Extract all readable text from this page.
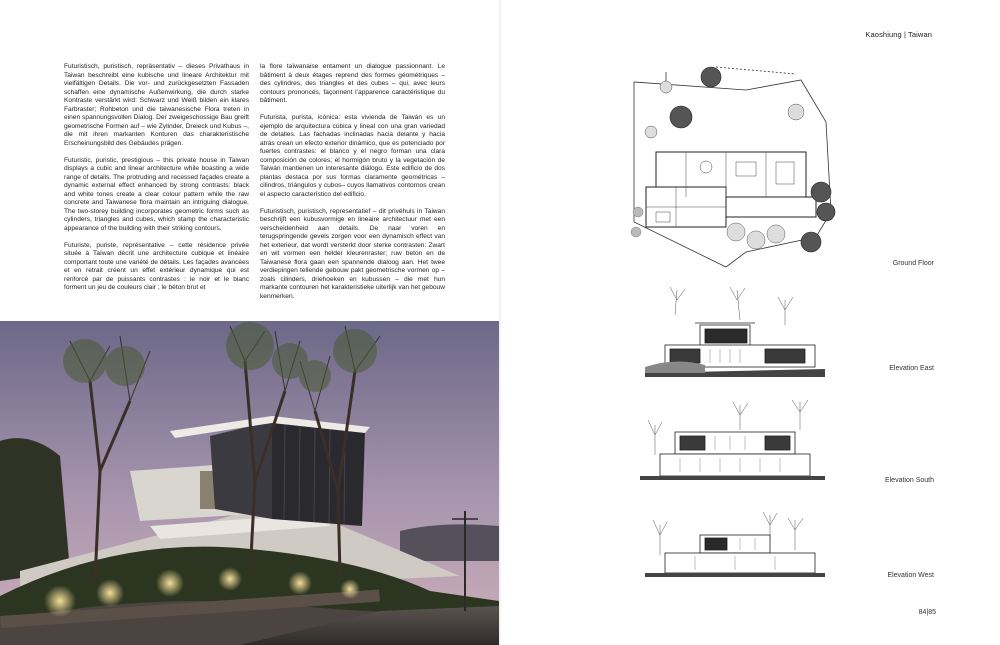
Futuristisch, puristisch, repräsentativ – dieses Privathaus in Taiwan beschreibt eine kubische und lineare Architektur mit vielfältigen Details. Die vor- und zurückgesetzten Fassaden schaffen eine dynamische Außenwirkung, die durch starke Kontraste verstärkt wird: Schwarz und Weiß bilden ein klares Farbraster; Rohbeton und die taiwanesische Flora treten in einen spannungsvollen Dialog. Der zweigeschossige Bau greift geometrische Formen auf – wie Zylinder, Dreieck und Kubus –, die mit ihren markanten Konturen das charakteristische Erscheinungsbild des Gebäudes prägen.

Futuristic, puristic, prestigious – this private house in Taiwan displays a cubic and linear architecture while boasting a wide range of details. The protruding and recessed façades create a dynamic external effect enhanced by strong contrasts: black and white tones create a clear colour pattern while the raw concrete and Taiwanese flora maintain an intriguing dialogue. The two-storey building incorporates geometric forms such as cylinders, triangles and cubes, which stamp the characteristic appearance of the building with their striking contours.

Futuriste, puriste, représentative – cette résidence privée située à Taïwan décrit une architecture cubique et linéaire comportant toute une variété de détails. Les façades avancées et en retrait créent un effet extérieur dynamique qui est renforcé par de puissants contrastes : le noir et le blanc forment un jeu de couleurs clair ; le béton brut et

la flore taïwanaise entament un dialogue passionnant. Le bâtiment à deux étages reprend des formes géométriques – des cylindres, des triangles et des cubes – qui, avec leurs contours prononcés, façonnent l’apparence caractéristique du bâtiment.

Futurista, purista, icónica: esta vivienda de Taiwán es un ejemplo de arquitectura cúbica y lineal con una gran variedad de detalles. Las fachadas inclinadas hacia delante y hacia atrás crean un efecto exterior dinámico, que es potenciado por fuertes contrastes: el blanco y el negro forman una clara composición de colores; el hormigón bruto y la vegetación de Taiwán mantienen un interesante diálogo. Este edificio de dos plantas destaca por sus formas claramente geométricas –cilindros, triángulos y cubos– cuyos llamativos contornos crean el aspecto característico del edificio.

Futuristisch, puristisch, representatief – dit privéhuis in Taiwan beschrijft een kubusvormige en lineaire architectuur met een verscheidenheid aan details. De naar voren en terugspringende gevels zorgen voor een dynamisch effect van het exterieur, dat wordt versterkt door sterke contrasten: Zwart en wit vormen een helder kleurenraster; ruw beton en de Taiwanese flora gaan een spannende dialoog aan. Het twee verdiepingen tellende gebouw pakt geometrische vormen op – zoals cilinders, driehoeken en kubussen – die met hun markante contouren het karakteristieke uiterlijk van het gebouw kenmerken.

Kaoshiung | Taiwan
Ground Floor
Elevation East
Elevation South
Elevation West
84|85
